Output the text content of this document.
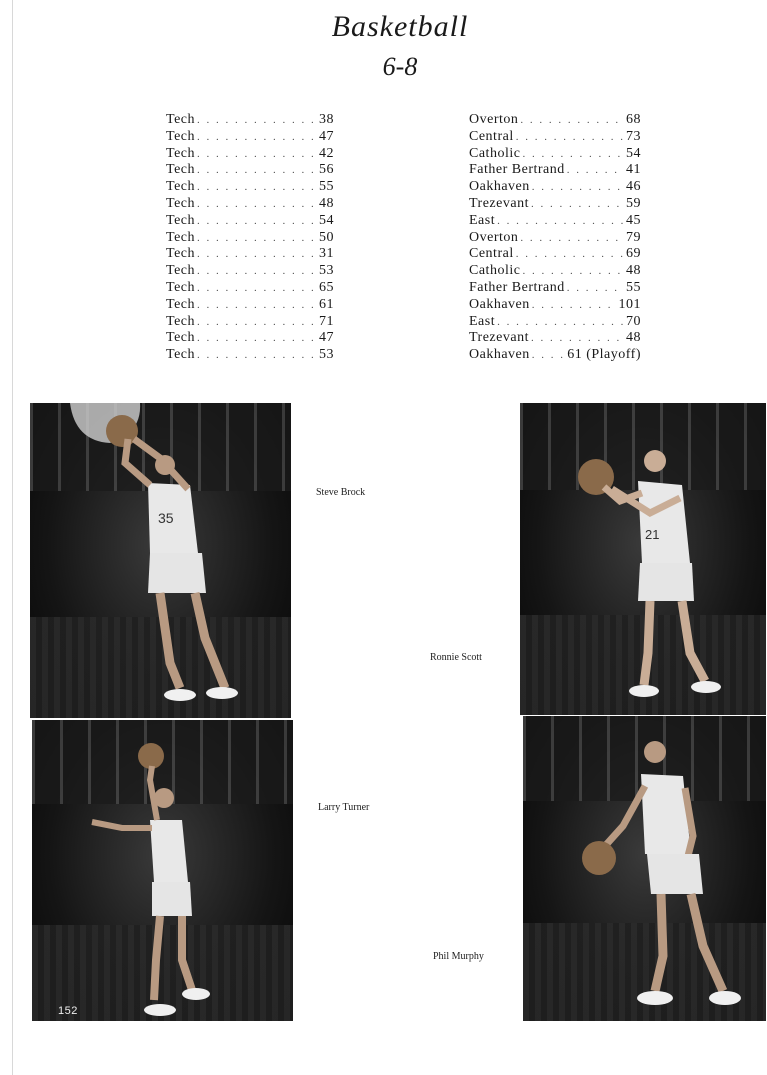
Basketball
6-8
Tech . . .	38
Tech . . .	47
Tech . . .	42
Tech . . .	56
Tech . . .	55
Tech . . .	48
Tech . . .	54
Tech . . .	50
Tech . . .	31
Tech . . .	53
Tech . . .	65
Tech . . .	61
Tech . . .	71
Tech . . .	47
Tech . . .	53
Overton . . .	68
Central . . .	73
Catholic . . .	54
Father Bertrand . . .	41
Oakhaven . . .	46
Trezevant . . .	59
East . . .	45
Overton . . .	79
Central . . .	69
Catholic . . .	48
Father Bertrand . . .	55
Oakhaven . . .	101
East . . .	70
Trezevant . . .	48
Oakhaven . . .	61 (Playoff)
35
21
152
Steve Brock
Ronnie Scott
Larry Turner
Phil Murphy
